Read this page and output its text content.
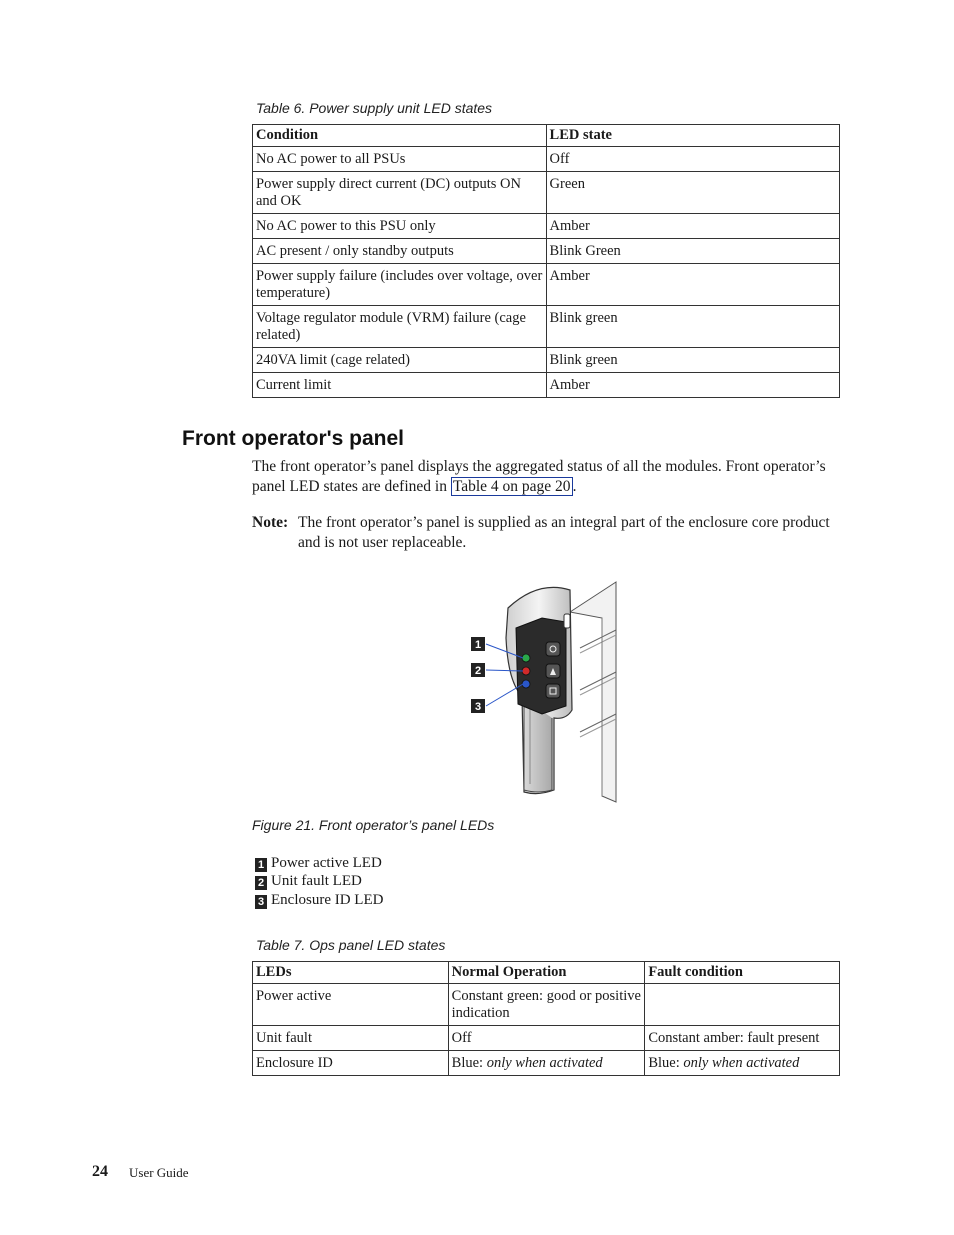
Table 6. Power supply unit LED states
Condition	LED state
No AC power to all PSUs	Off
Power supply direct current (DC) outputs ON and OK	Green
No AC power to this PSU only	Amber
AC present / only standby outputs	Blink Green
Power supply failure (includes over voltage, over temperature)	Amber
Voltage regulator module (VRM) failure (cage related)	Blink green
240VA limit (cage related)	Blink green
Current limit	Amber
Front operator's panel

The front operator’s panel displays the aggregated status of all the modules. Front operator’s panel LED states are defined in Table 4 on page 20 .

Note: The front operator’s panel is supplied as an integral part of the enclosure core product and is not user replaceable.

1
2
3
Figure 21. Front operator’s panel LEDs
1 Power active LED
2 Unit fault LED
3 Enclosure ID LED
Table 7. Ops panel LED states
LEDs	Normal Operation	Fault condition
Power active	Constant green: good or positive indication	
Unit fault	Off	Constant amber: fault present
Enclosure ID	Blue: only when activated	Blue: only when activated
24 User Guide
